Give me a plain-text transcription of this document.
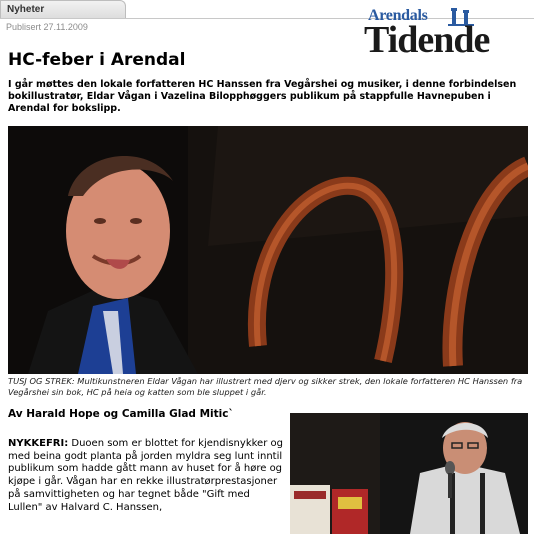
Nyheter
Publisert 27.11.2009
Arendals
Tidende
HC-feber i Arendal

I går møttes den lokale forfatteren HC Hanssen fra Vegårshei og musiker, i denne forbindelsen bokillustratør, Eldar Vågan i Vazelina Bilopphøggers publikum på stappfulle Havnepuben i Arendal for bokslipp.

TUSJ OG STREK: Multikunstneren Eldar Vågan har illustrert med djerv og sikker strek, den lokale forfatteren HC Hanssen fra Vegårshei sin bok, HC på heia og katten som ble sluppet i går.

Av Harald Hope og Camilla Glad Mitic`

NYKKEFRI: Duoen som er blottet for kjendisnykker og med beina godt planta på jorden myldra seg lunt inntil publikum som hadde gått mann av huset for å høre og kjøpe i går. Vågan har en rekke illustratørprestasjoner på samvittigheten og har tegnet både "Gift med Lullen" av Halvard C. Hanssen,
